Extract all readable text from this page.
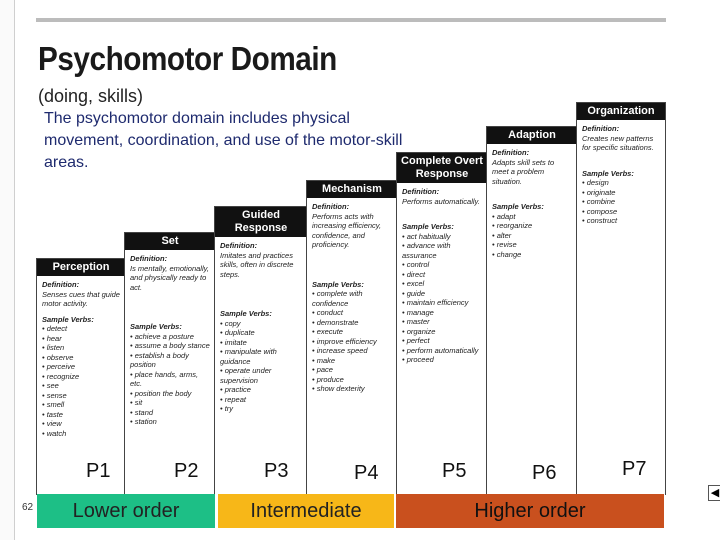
Psychomotor Domain
(doing, skills)
The psychomotor domain includes physical movement, coordination, and use of the motor-skill areas.
Perception
Definition:
Senses cues that guide motor activity.
Sample Verbs:
• detect
• hear
• listen
• observe
• perceive
• recognize
• see
• sense
• smell
• taste
• view
• watch
Set
Definition:
Is mentally, emotionally, and physically ready to act.
Sample Verbs:
• achieve a posture
• assume a body stance
• establish a body position
• place hands, arms, etc.
• position the body
• sit
• stand
• station
Guided Response
Definition:
Imitates and practices skills, often in discrete steps.
Sample Verbs:
• copy
• duplicate
• imitate
• manipulate with guidance
• operate under supervision
• practice
• repeat
• try
Mechanism
Definition:
Performs acts with increasing efficiency, confidence, and proficiency.
Sample Verbs:
• complete with confidence
• conduct
• demonstrate
• execute
• improve efficiency
• increase speed
• make
• pace
• produce
• show dexterity
Complete Overt Response
Definition:
Performs automatically.
Sample Verbs:
• act habitually
• advance with assurance
• control
• direct
• excel
• guide
• maintain efficiency
• manage
• master
• organize
• perfect
• perform automatically
• proceed
Adaption
Definition:
Adapts skill sets to meet a problem situation.
Sample Verbs:
• adapt
• reorganize
• alter
• revise
• change
Organization
Definition:
Creates new patterns for specific situations.
Sample Verbs:
• design
• originate
• combine
• compose
• construct
P1	P2	P3	P4	P5	P6	P7
Lower order	Intermediate	Higher order
62
◀
